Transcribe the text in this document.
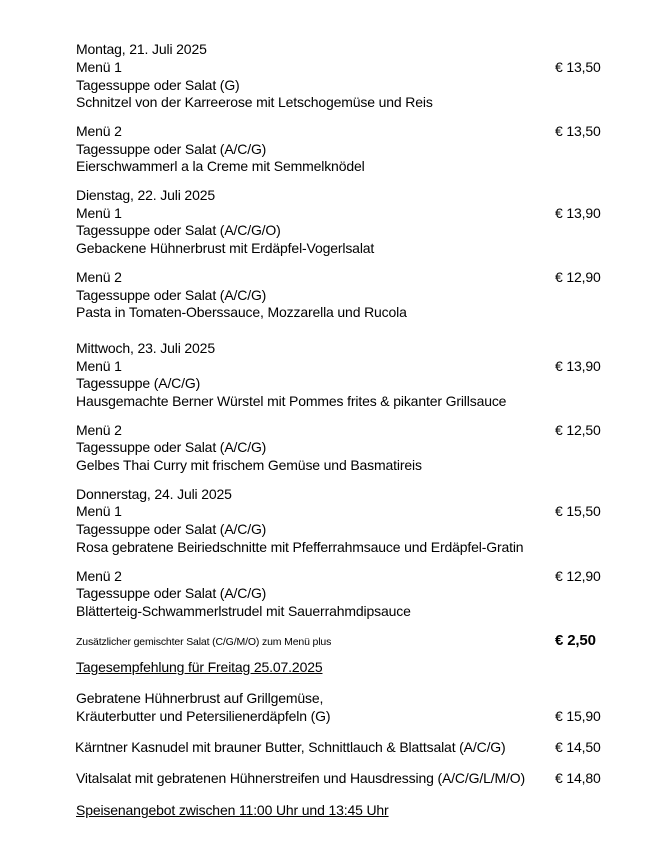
Montag, 21. Juli 2025
Menü 1	€ 13,50
Tagessuppe oder Salat (G)
Schnitzel von der Karreerose mit Letschogemüse und Reis
Menü 2	€ 13,50
Tagessuppe oder Salat (A/C/G)
Eierschwammerl a la Creme mit Semmelknödel
Dienstag, 22. Juli 2025
Menü 1	€ 13,90
Tagessuppe oder Salat (A/C/G/O)
Gebackene Hühnerbrust mit Erdäpfel-Vogerlsalat
Menü 2	€ 12,90
Tagessuppe oder Salat (A/C/G)
Pasta in Tomaten-Oberssauce, Mozzarella und Rucola
Mittwoch, 23. Juli 2025
Menü 1	€ 13,90
Tagessuppe (A/C/G)
Hausgemachte Berner Würstel mit Pommes frites & pikanter Grillsauce
Menü 2	€ 12,50
Tagessuppe oder Salat (A/C/G)
Gelbes Thai Curry mit frischem Gemüse und Basmatireis
Donnerstag, 24. Juli 2025
Menü 1	€ 15,50
Tagessuppe oder Salat (A/C/G)
Rosa gebratene Beiriedschnitte mit Pfefferrahmsauce und Erdäpfel-Gratin
Menü 2	€ 12,90
Tagessuppe oder Salat (A/C/G)
Blätterteig-Schwammerlstrudel mit Sauerrahmdipsauce
Zusätzlicher gemischter Salat (C/G/M/O) zum Menü plus	€ 2,50
Tagesempfehlung für Freitag 25.07.2025
Gebratene Hühnerbrust auf Grillgemüse,
Kräuterbutter und Petersilienerdäpfeln (G)	€ 15,90
Kärntner Kasnudel mit brauner Butter, Schnittlauch & Blattsalat (A/C/G)	€ 14,50
Vitalsalat mit gebratenen Hühnerstreifen und Hausdressing (A/C/G/L/M/O) € 14,80
Speisenangebot zwischen 11:00 Uhr und 13:45 Uhr
